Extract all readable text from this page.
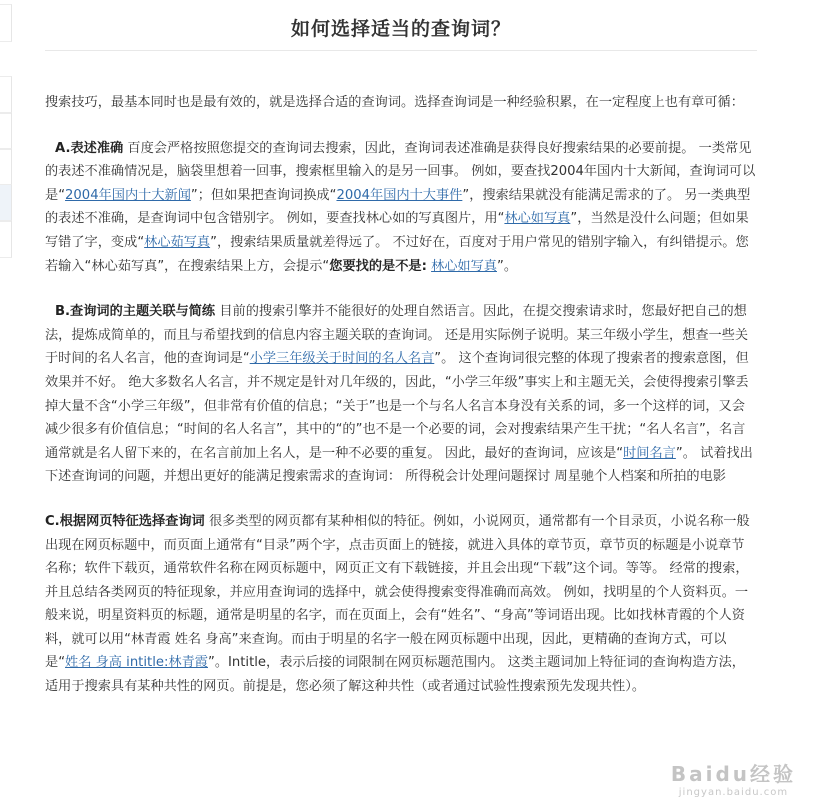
如何选择适当的查询词？

搜索技巧，最基本同时也是最有效的，就是选择合适的查询词。选择查询词是一种经验积累，在一定程度上也有章可循：

A.表述准确 百度会严格按照您提交的查询词去搜索，因此，查询词表述准确是获得良好搜索结果的必要前提。 一类常见的表述不准确情况是，脑袋里想着一回事，搜索框里输入的是另一回事。 例如，要查找2004年国内十大新闻，查询词可以是“2004年国内十大新闻”；但如果把查询词换成“2004年国内十大事件”，搜索结果就没有能满足需求的了。 另一类典型的表述不准确，是查询词中包含错别字。 例如，要查找林心如的写真图片，用“林心如写真”，当然是没什么问题；但如果写错了字，变成“林心茹写真”，搜索结果质量就差得远了。 不过好在，百度对于用户常见的错别字输入，有纠错提示。您若输入“林心茹写真”，在搜索结果上方，会提示“您要找的是不是: 林心如写真”。

B.查询词的主题关联与简练 目前的搜索引擎并不能很好的处理自然语言。因此，在提交搜索请求时，您最好把自己的想法，提炼成简单的，而且与希望找到的信息内容主题关联的查询词。 还是用实际例子说明。某三年级小学生，想查一些关于时间的名人名言，他的查询词是“小学三年级关于时间的名人名言”。 这个查询词很完整的体现了搜索者的搜索意图，但效果并不好。 绝大多数名人名言，并不规定是针对几年级的，因此，“小学三年级”事实上和主题无关，会使得搜索引擎丢掉大量不含“小学三年级”，但非常有价值的信息；“关于”也是一个与名人名言本身没有关系的词，多一个这样的词，又会减少很多有价值信息；“时间的名人名言”，其中的“的”也不是一个必要的词，会对搜索结果产生干扰；“名人名言”，名言通常就是名人留下来的，在名言前加上名人，是一种不必要的重复。 因此，最好的查询词，应该是“时间名言”。 试着找出下述查询词的问题，并想出更好的能满足搜索需求的查询词： 所得税会计处理问题探讨 周星驰个人档案和所拍的电影

C.根据网页特征选择查询词 很多类型的网页都有某种相似的特征。例如，小说网页，通常都有一个目录页，小说名称一般出现在网页标题中，而页面上通常有“目录”两个字，点击页面上的链接，就进入具体的章节页，章节页的标题是小说章节名称；软件下载页，通常软件名称在网页标题中，网页正文有下载链接，并且会出现“下载”这个词。等等。 经常的搜索，并且总结各类网页的特征现象，并应用查询词的选择中，就会使得搜索变得准确而高效。 例如，找明星的个人资料页。一般来说，明星资料页的标题，通常是明星的名字，而在页面上，会有“姓名”、“身高”等词语出现。比如找林青霞的个人资料，就可以用“林青霞 姓名 身高”来查询。而由于明星的名字一般在网页标题中出现，因此，更精确的查询方式，可以是“姓名 身高 intitle:林青霞”。Intitle，表示后接的词限制在网页标题范围内。 这类主题词加上特征词的查询构造方法，适用于搜索具有某种共性的网页。前提是，您必须了解这种共性（或者通过试验性搜索预先发现共性）。

Baidu经验
jingyan.baidu.com
